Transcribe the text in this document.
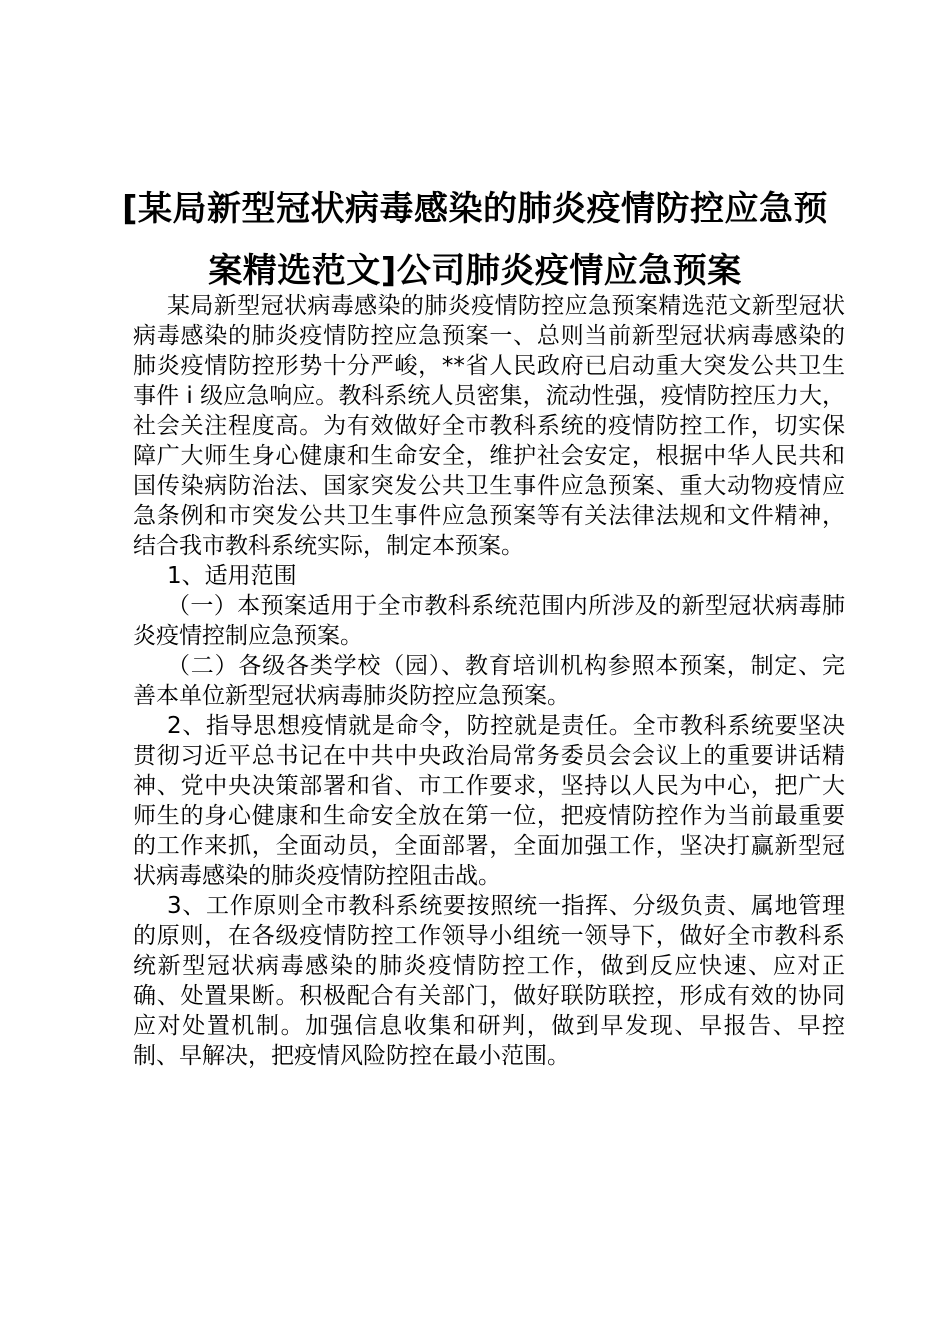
[某局新型冠状病毒感染的肺炎疫情防控应急预案精选范文]公司肺炎疫情应急预案

某局新型冠状病毒感染的肺炎疫情防控应急预案精选范文新型冠状病毒感染的肺炎疫情防控应急预案一、总则当前新型冠状病毒感染的肺炎疫情防控形势十分严峻，**省人民政府已启动重大突发公共卫生事件 i 级应急响应。教科系统人员密集，流动性强，疫情防控压力大，社会关注程度高。为有效做好全市教科系统的疫情防控工作，切实保障广大师生身心健康和生命安全，维护社会安定，根据中华人民共和国传染病防治法、国家突发公共卫生事件应急预案、重大动物疫情应急条例和市突发公共卫生事件应急预案等有关法律法规和文件精神，结合我市教科系统实际，制定本预案。

1、适用范围

（一）本预案适用于全市教科系统范围内所涉及的新型冠状病毒肺炎疫情控制应急预案。

（二）各级各类学校（园）、教育培训机构参照本预案，制定、完善本单位新型冠状病毒肺炎防控应急预案。

2、指导思想疫情就是命令，防控就是责任。全市教科系统要坚决贯彻习近平总书记在中共中央政治局常务委员会会议上的重要讲话精神、党中央决策部署和省、市工作要求，坚持以人民为中心，把广大师生的身心健康和生命安全放在第一位，把疫情防控作为当前最重要的工作来抓，全面动员，全面部署，全面加强工作，坚决打赢新型冠状病毒感染的肺炎疫情防控阻击战。

3、工作原则全市教科系统要按照统一指挥、分级负责、属地管理的原则，在各级疫情防控工作领导小组统一领导下，做好全市教科系统新型冠状病毒感染的肺炎疫情防控工作，做到反应快速、应对正确、处置果断。积极配合有关部门，做好联防联控，形成有效的协同应对处置机制。加强信息收集和研判，做到早发现、早报告、早控制、早解决，把疫情风险防控在最小范围。
